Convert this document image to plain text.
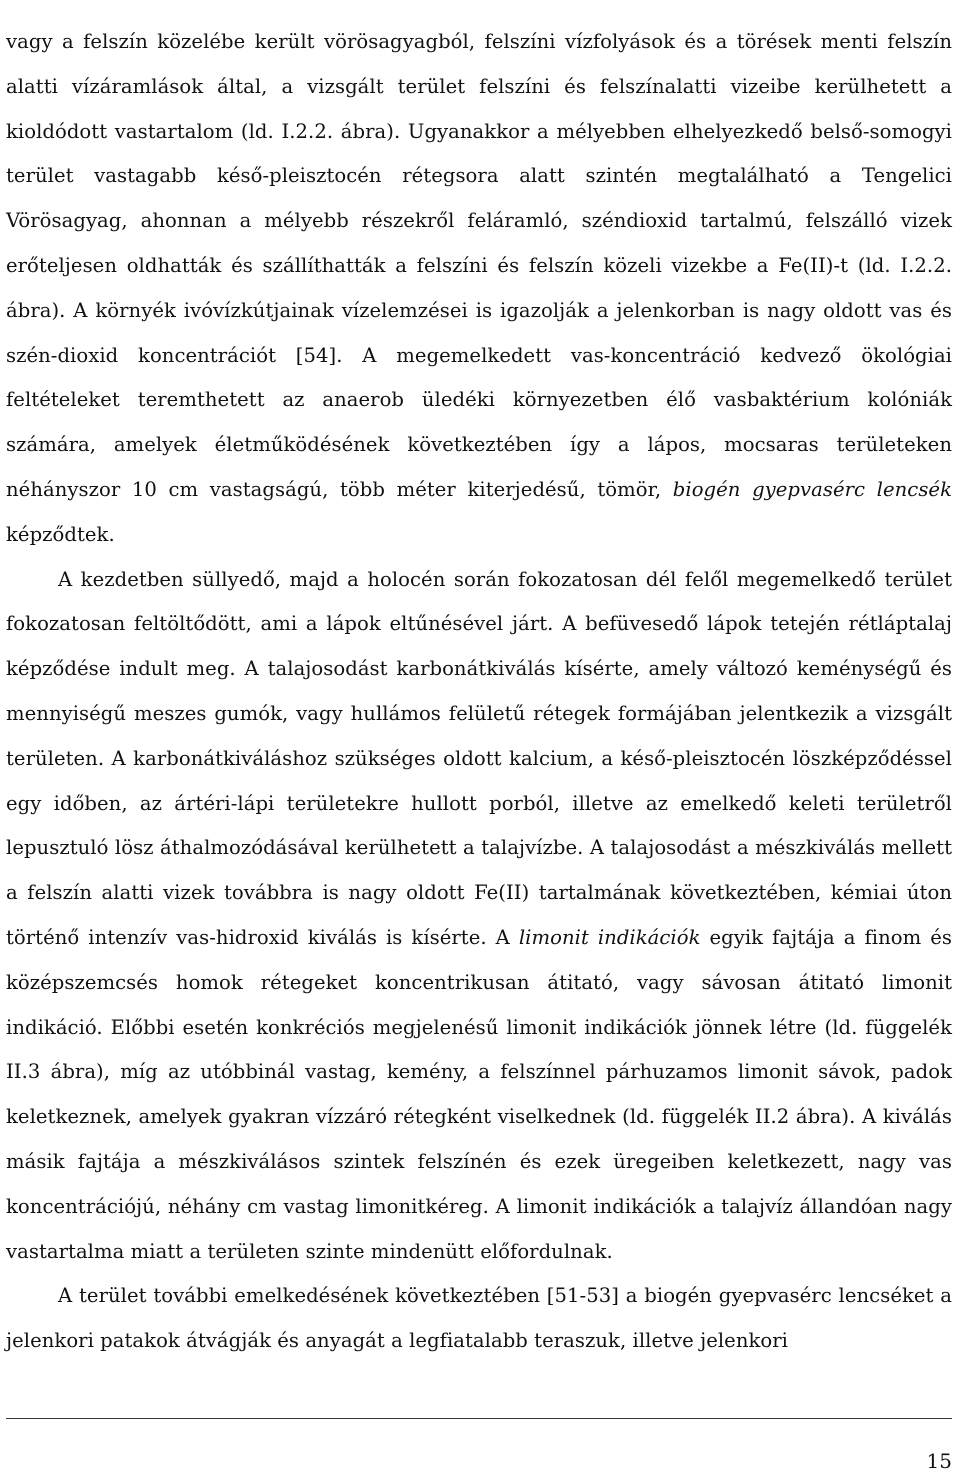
vagy a felszín közelébe került vörösagyagból, felszíni vízfolyások és a törések menti felszín alatti vízáramlások által, a vizsgált terület felszíni és felszínalatti vizeibe kerülhetett a kioldódott vastartalom (ld. I.2.2. ábra). Ugyanakkor a mélyebben elhelyezkedő belső-somogyi terület vastagabb késő-pleisztocén rétegsora alatt szintén megtalálható a Tengelici Vörösagyag, ahonnan a mélyebb részekről feláramló, széndioxid tartalmú, felszálló vizek erőteljesen oldhatták és szállíthatták a felszíni és felszín közeli vizekbe a Fe(II)-t (ld. I.2.2. ábra). A környék ivóvízkútjainak vízelemzései is igazolják a jelenkorban is nagy oldott vas és szén-dioxid koncentrációt [54]. A megemelkedett vas-koncentráció kedvező ökológiai feltételeket teremthetett az anaerob üledéki környezetben élő vasbaktérium kolóniák számára, amelyek életműködésének következtében így a lápos, mocsaras területeken néhányszor 10 cm vastagságú, több méter kiterjedésű, tömör, biogén gyepvasérc lencsék képződtek.

A kezdetben süllyedő, majd a holocén során fokozatosan dél felől megemelkedő terület fokozatosan feltöltődött, ami a lápok eltűnésével járt. A befüvesedő lápok tetején rétláptalaj képződése indult meg. A talajosodást karbonátkiválás kísérte, amely változó keménységű és mennyiségű meszes gumók, vagy hullámos felületű rétegek formájában jelentkezik a vizsgált területen. A karbonátkiváláshoz szükséges oldott kalcium, a késő-pleisztocén löszképződéssel egy időben, az ártéri-lápi területekre hullott porból, illetve az emelkedő keleti területről lepusztuló lösz áthalmozódásával kerülhetett a talajvízbe. A talajosodást a mészkiválás mellett a felszín alatti vizek továbbra is nagy oldott Fe(II) tartalmának következtében, kémiai úton történő intenzív vas-hidroxid kiválás is kísérte. A limonit indikációk egyik fajtája a finom és középszemcsés homok rétegeket koncentrikusan átitató, vagy sávosan átitató limonit indikáció. Előbbi esetén konkréciós megjelenésű limonit indikációk jönnek létre (ld. függelék II.3 ábra), míg az utóbbinál vastag, kemény, a felszínnel párhuzamos limonit sávok, padok keletkeznek, amelyek gyakran vízzáró rétegként viselkednek (ld. függelék II.2 ábra). A kiválás másik fajtája a mészkiválásos szintek felszínén és ezek üregeiben keletkezett, nagy vas koncentrációjú, néhány cm vastag limonitkéreg. A limonit indikációk a talajvíz állandóan nagy vastartalma miatt a területen szinte mindenütt előfordulnak.

A terület további emelkedésének következtében [51-53] a biogén gyepvasérc lencséket a jelenkori patakok átvágják és anyagát a legfiatalabb teraszuk, illetve jelenkori

15
